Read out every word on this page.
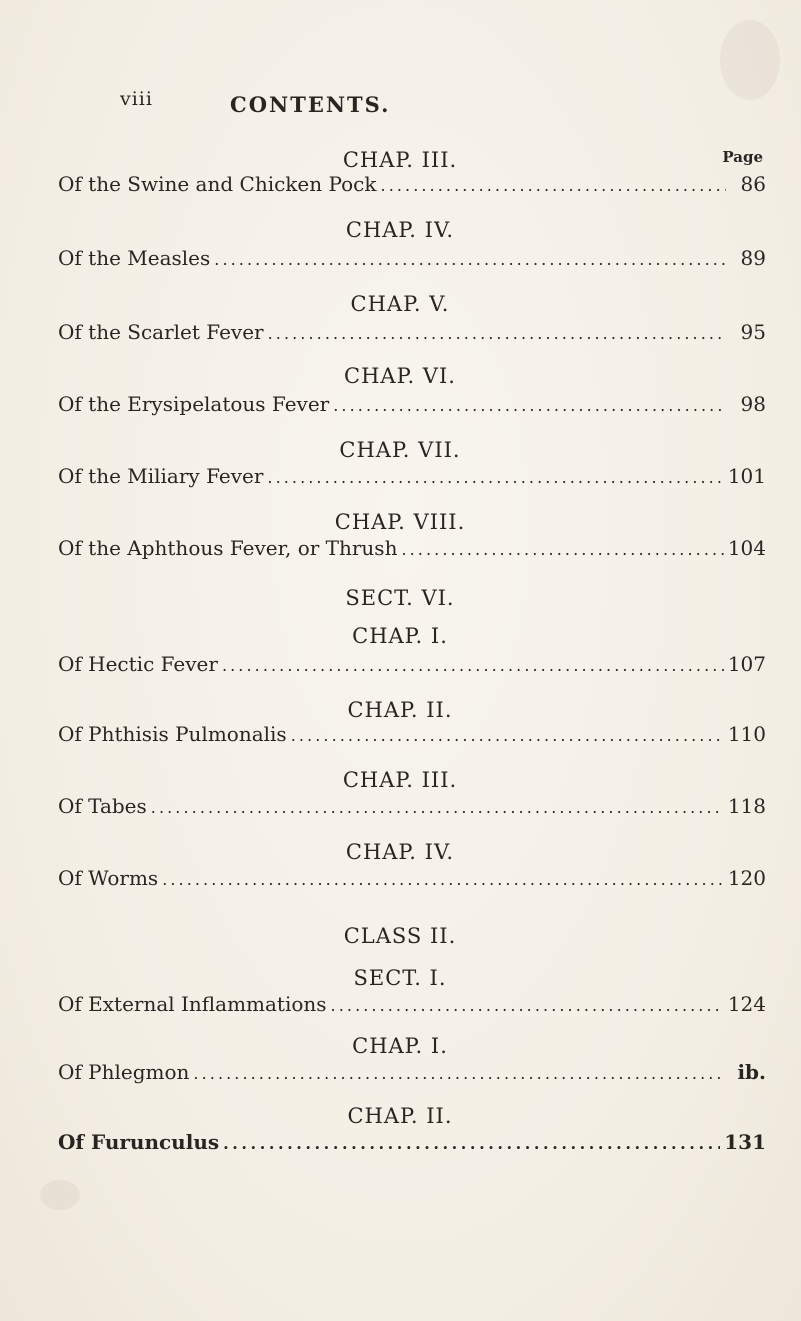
viii	CONTENTS.
Page
CHAP. III.
Of the Swine and Chicken Pock . . .	86
CHAP. IV.
Of the Measles . . .	89
CHAP. V.
Of the Scarlet Fever . . .	95
CHAP. VI.
Of the Erysipelatous Fever . . .	98
CHAP. VII.
Of the Miliary Fever . . .	101
CHAP. VIII.
Of the Aphthous Fever, or Thrush . . .	104
SECT. VI.
CHAP. I.
Of Hectic Fever . . .	107
CHAP. II.
Of Phthisis Pulmonalis . . .	110
CHAP. III.
Of Tabes . . .	118
CHAP. IV.
Of Worms . . .	120
CLASS II.
SECT. I.
Of External Inflammations . . .	124
CHAP. I.
Of Phlegmon . . .	ib.
CHAP. II.
Of Furunculus . . .	131
